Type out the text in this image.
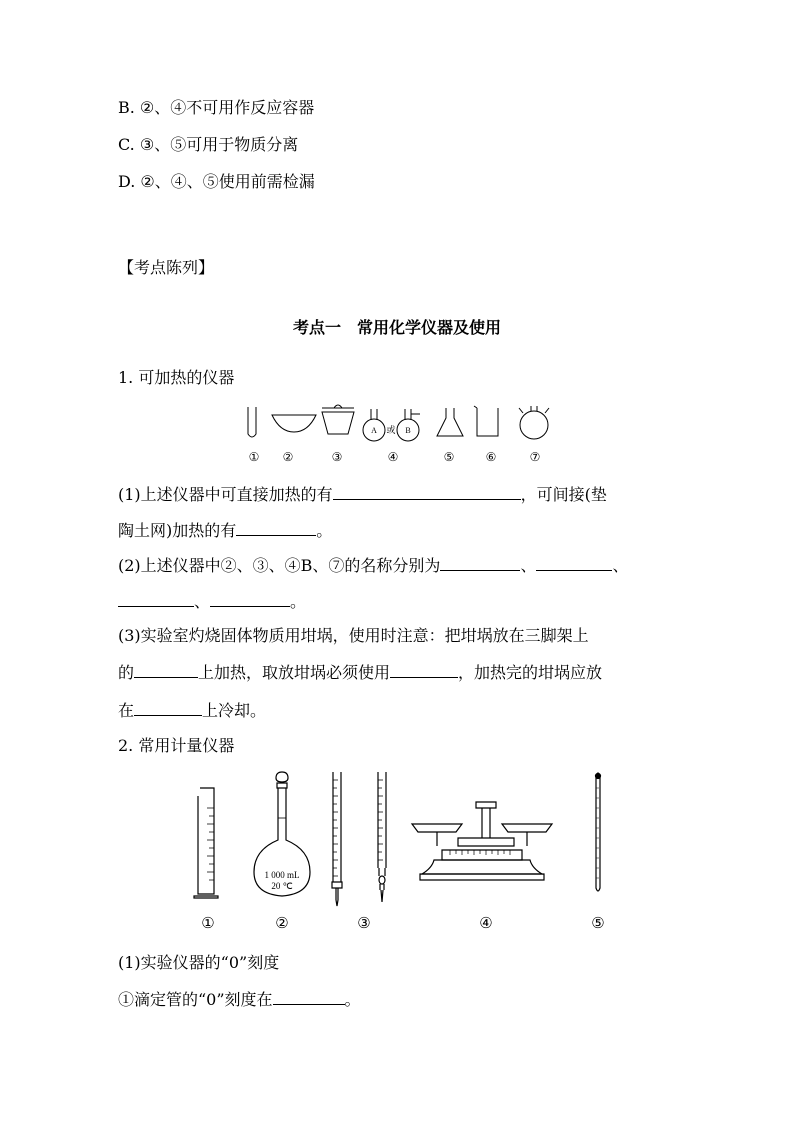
B. ②、④不可用作反应容器
C. ③、⑤可用于物质分离
D. ②、④、⑤使用前需检漏
【考点陈列】
考点一　常用化学仪器及使用
1. 可加热的仪器
A 或 B
①	②	③	④	⑤	⑥	⑦
(1)上述仪器中可直接加热的有	，可间接(垫
陶土网)加热的有	。
(2)上述仪器中②、③、④B、⑦的名称分别为	、	、
、	。
(3)实验室灼烧固体物质用坩埚，使用时注意：把坩埚放在三脚架上
的	上加热，取放坩埚必须使用	，加热完的坩埚应放
在	上冷却。
2. 常用计量仪器
1 000 mL
20 ℃
①	②	③	④	⑤
(1)实验仪器的“0”刻度
①滴定管的“0”刻度在	。
